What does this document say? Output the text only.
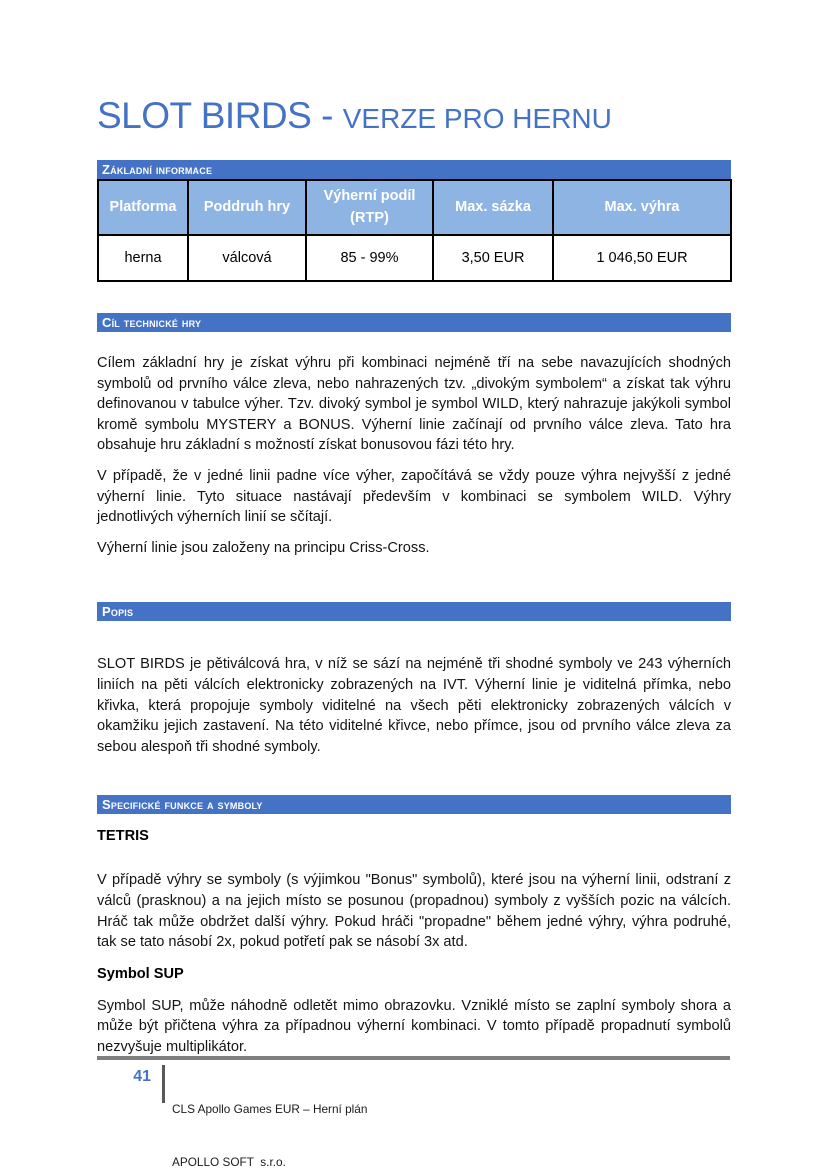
SLOT BIRDS - VERZE PRO HERNU
Základní informace
Platforma	Poddruh hry	Výherní podíl (RTP)	Max. sázka	Max. výhra
herna	válcová	85 - 99%	3,50 EUR	1 046,50 EUR
Cíl technické hry

Cílem základní hry je získat výhru při kombinaci nejméně tří na sebe navazujících shodných symbolů od prvního válce zleva, nebo nahrazených tzv. „divokým symbolem“ a získat tak výhru definovanou v tabulce výher. Tzv. divoký symbol je symbol WILD, který nahrazuje jakýkoli symbol kromě symbolu MYSTERY a BONUS. Výherní linie začínají od prvního válce zleva. Tato hra obsahuje hru základní s možností získat bonusovou fázi této hry.

V případě, že v jedné linii padne více výher, započítává se vždy pouze výhra nejvyšší z jedné výherní linie. Tyto situace nastávají především v kombinaci se symbolem WILD. Výhry jednotlivých výherních linií se sčítají.

Výherní linie jsou založeny na principu Criss-Cross.

Popis

SLOT BIRDS je pětiválcová hra, v níž se sází na nejméně tři shodné symboly ve 243 výherních liniích na pěti válcích elektronicky zobrazených na IVT. Výherní linie je viditelná přímka, nebo křivka, která propojuje symboly viditelné na všech pěti elektronicky zobrazených válcích v okamžiku jejich zastavení. Na této viditelné křivce, nebo přímce, jsou od prvního válce zleva za sebou alespoň tři shodné symboly.

Specifické funkce a symboly

TETRIS

V případě výhry se symboly (s výjimkou "Bonus" symbolů), které jsou na výherní linii, odstraní z válců (prasknou) a na jejich místo se posunou (propadnou) symboly z vyšších pozic na válcích. Hráč tak může obdržet další výhry. Pokud hráči "propadne" během jedné výhry, výhra podruhé, tak se tato násobí 2x, pokud potřetí pak se násobí 3x atd.

Symbol SUP

Symbol SUP, může náhodně odletět mimo obrazovku. Vzniklé místo se zaplní symboly shora a může být přičtena výhra za případnou výherní kombinaci. V tomto případě propadnutí symbolů nezvyšuje multiplikátor.

41

CLS Apollo Games EUR – Herní plán

APOLLO SOFT  s.r.o.
